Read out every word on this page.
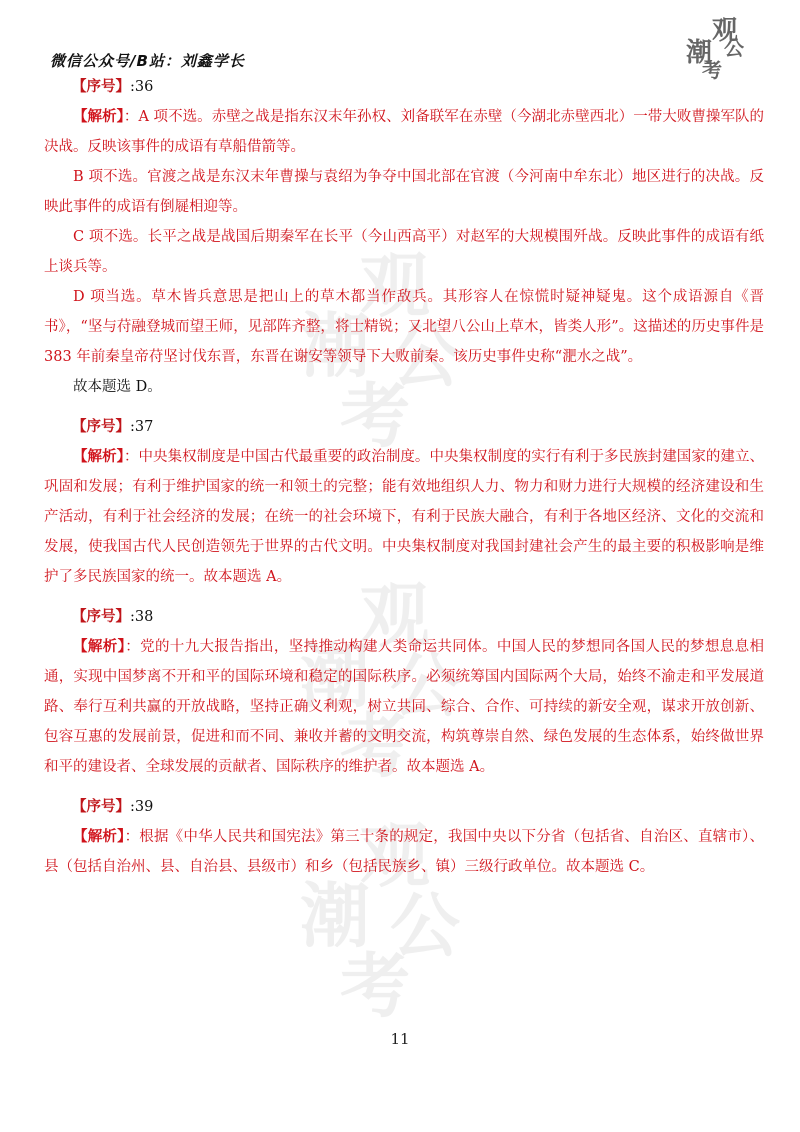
微信公众号/B站：刘鑫学长
观
潮 公
考
观
潮 公
考
观
潮 公
考
观
潮 公
考
【序号】:36

【解析】：A 项不选。赤壁之战是指东汉末年孙权、刘备联军在赤壁（今湖北赤壁西北）一带大败曹操军队的决战。反映该事件的成语有草船借箭等。

B 项不选。官渡之战是东汉末年曹操与袁绍为争夺中国北部在官渡（今河南中牟东北）地区进行的决战。反映此事件的成语有倒屣相迎等。

C 项不选。长平之战是战国后期秦军在长平（今山西高平）对赵军的大规模围歼战。反映此事件的成语有纸上谈兵等。

D 项当选。草木皆兵意思是把山上的草木都当作敌兵。其形容人在惊慌时疑神疑鬼。这个成语源自《晋书》，“坚与苻融登城而望王师，见部阵齐整，将士精锐；又北望八公山上草木，皆类人形”。这描述的历史事件是 383 年前秦皇帝苻坚讨伐东晋，东晋在谢安等领导下大败前秦。该历史事件史称“淝水之战”。

故本题选 D。

【序号】:37

【解析】：中央集权制度是中国古代最重要的政治制度。中央集权制度的实行有利于多民族封建国家的建立、巩固和发展；有利于维护国家的统一和领土的完整；能有效地组织人力、物力和财力进行大规模的经济建设和生产活动，有利于社会经济的发展；在统一的社会环境下，有利于民族大融合，有利于各地区经济、文化的交流和发展，使我国古代人民创造领先于世界的古代文明。中央集权制度对我国封建社会产生的最主要的积极影响是维护了多民族国家的统一。故本题选 A。

【序号】:38

【解析】：党的十九大报告指出，坚持推动构建人类命运共同体。中国人民的梦想同各国人民的梦想息息相通，实现中国梦离不开和平的国际环境和稳定的国际秩序。必须统筹国内国际两个大局，始终不渝走和平发展道路、奉行互利共赢的开放战略，坚持正确义利观，树立共同、综合、合作、可持续的新安全观，谋求开放创新、包容互惠的发展前景，促进和而不同、兼收并蓄的文明交流，构筑尊崇自然、绿色发展的生态体系，始终做世界和平的建设者、全球发展的贡献者、国际秩序的维护者。故本题选 A。

【序号】:39

【解析】：根据《中华人民共和国宪法》第三十条的规定，我国中央以下分省（包括省、自治区、直辖市）、县（包括自治州、县、自治县、县级市）和乡（包括民族乡、镇）三级行政单位。故本题选 C。

11
